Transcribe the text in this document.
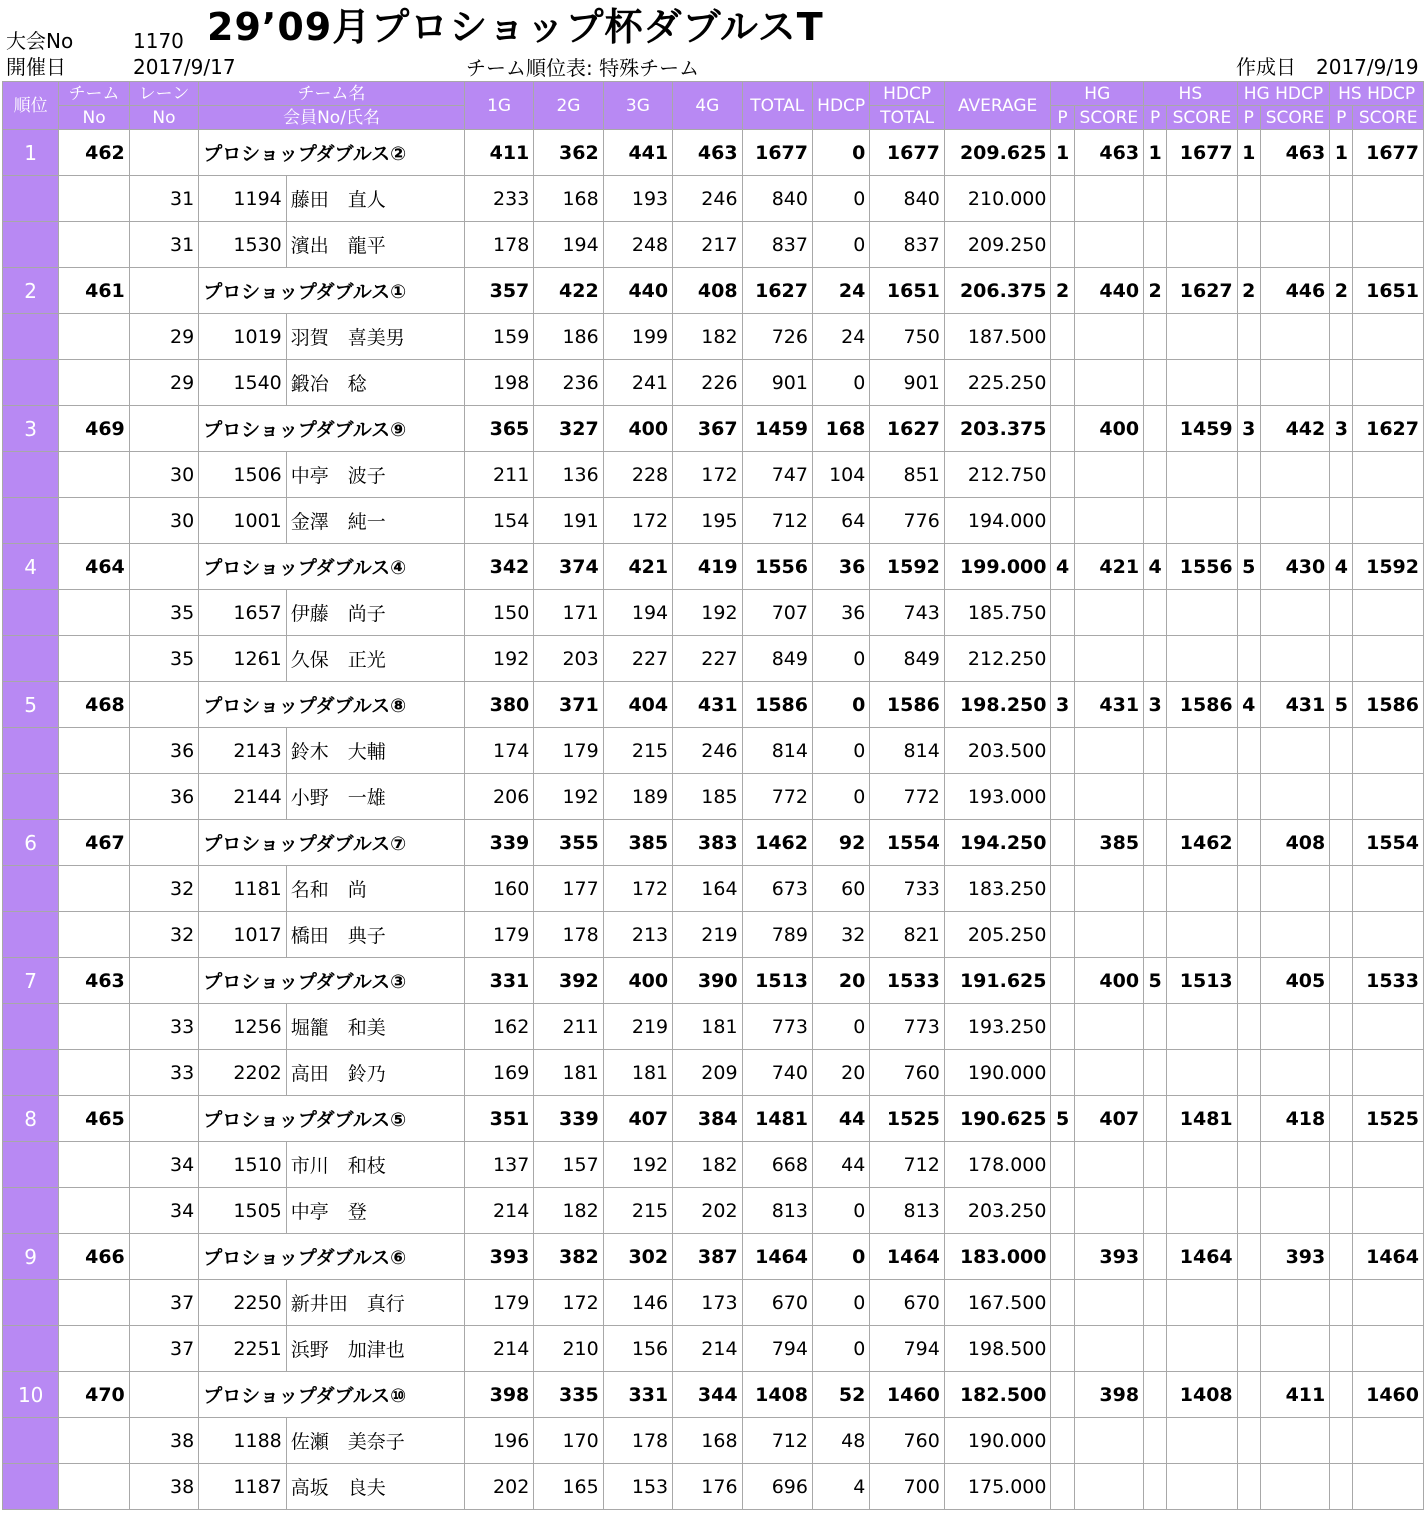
大会No	1170 29’09月プロショップ杯ダブルスT
開催日	2017/9/17	チーム順位表: 特殊チーム	作成日 2017/9/19
順位	チーム	レーン	チーム名		1G	2G	3G	4G	TOTAL	HDCP	HDCP	AVERAGE	HG		HS		HG HDCP		HS HDCP	
	No	No	会員No/氏名								TOTAL		P	SCORE	P	SCORE	P	SCORE	P	SCORE
1	462		プロショップダブルス②		411	362	441	463	1677	0	1677	209.625	1	463	1	1677	1	463	1	1677
		31	1194	藤田　直人	233	168	193	246	840	0	840	210.000								
		31	1530	濱出　龍平	178	194	248	217	837	0	837	209.250								
2	461		プロショップダブルス①		357	422	440	408	1627	24	1651	206.375	2	440	2	1627	2	446	2	1651
		29	1019	羽賀　喜美男	159	186	199	182	726	24	750	187.500								
		29	1540	鍛冶　稔	198	236	241	226	901	0	901	225.250								
3	469		プロショップダブルス⑨		365	327	400	367	1459	168	1627	203.375		400		1459	3	442	3	1627
		30	1506	中亭　波子	211	136	228	172	747	104	851	212.750								
		30	1001	金澤　純一	154	191	172	195	712	64	776	194.000								
4	464		プロショップダブルス④		342	374	421	419	1556	36	1592	199.000	4	421	4	1556	5	430	4	1592
		35	1657	伊藤　尚子	150	171	194	192	707	36	743	185.750								
		35	1261	久保　正光	192	203	227	227	849	0	849	212.250								
5	468		プロショップダブルス⑧		380	371	404	431	1586	0	1586	198.250	3	431	3	1586	4	431	5	1586
		36	2143	鈴木　大輔	174	179	215	246	814	0	814	203.500								
		36	2144	小野　一雄	206	192	189	185	772	0	772	193.000								
6	467		プロショップダブルス⑦		339	355	385	383	1462	92	1554	194.250		385		1462		408		1554
		32	1181	名和　尚	160	177	172	164	673	60	733	183.250								
		32	1017	橋田　典子	179	178	213	219	789	32	821	205.250								
7	463		プロショップダブルス③		331	392	400	390	1513	20	1533	191.625		400	5	1513		405		1533
		33	1256	堀籠　和美	162	211	219	181	773	0	773	193.250								
		33	2202	高田　鈴乃	169	181	181	209	740	20	760	190.000								
8	465		プロショップダブルス⑤		351	339	407	384	1481	44	1525	190.625	5	407		1481		418		1525
		34	1510	市川　和枝	137	157	192	182	668	44	712	178.000								
		34	1505	中亭　登	214	182	215	202	813	0	813	203.250								
9	466		プロショップダブルス⑥		393	382	302	387	1464	0	1464	183.000		393		1464		393		1464
		37	2250	新井田　真行	179	172	146	173	670	0	670	167.500								
		37	2251	浜野　加津也	214	210	156	214	794	0	794	198.500								
10	470		プロショップダブルス⑩		398	335	331	344	1408	52	1460	182.500		398		1408		411		1460
		38	1188	佐瀬　美奈子	196	170	178	168	712	48	760	190.000								
		38	1187	高坂　良夫	202	165	153	176	696	4	700	175.000								
